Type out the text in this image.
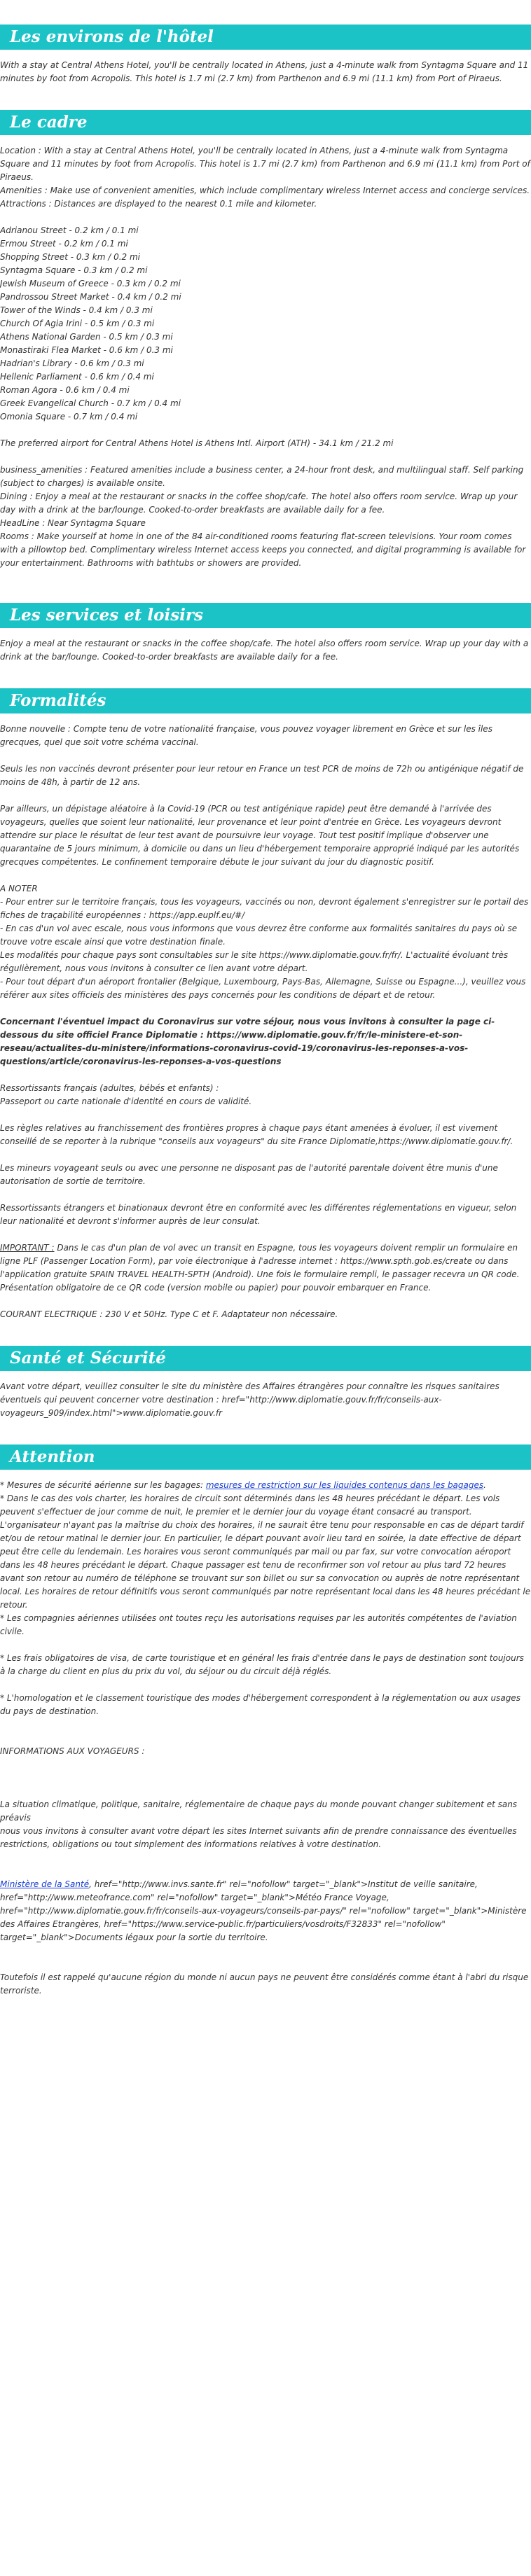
Les environs de l'hôtel

With a stay at Central Athens Hotel, you'll be centrally located in Athens, just a 4-minute walk from Syntagma Square and 11 minutes by foot from Acropolis. This hotel is 1.7 mi (2.7 km) from Parthenon and 6.9 mi (11.1 km) from Port of Piraeus.

Le cadre

Location : With a stay at Central Athens Hotel, you'll be centrally located in Athens, just a 4-minute walk from Syntagma Square and 11 minutes by foot from Acropolis. This hotel is 1.7 mi (2.7 km) from Parthenon and 6.9 mi (11.1 km) from Port of Piraeus.

Amenities : Make use of convenient amenities, which include complimentary wireless Internet access and concierge services.

Attractions : Distances are displayed to the nearest 0.1 mile and kilometer.

Adrianou Street - 0.2 km / 0.1 mi

Ermou Street - 0.2 km / 0.1 mi

Shopping Street - 0.3 km / 0.2 mi

Syntagma Square - 0.3 km / 0.2 mi

Jewish Museum of Greece - 0.3 km / 0.2 mi

Pandrossou Street Market - 0.4 km / 0.2 mi

Tower of the Winds - 0.4 km / 0.3 mi

Church Of Agia Irini - 0.5 km / 0.3 mi

Athens National Garden - 0.5 km / 0.3 mi

Monastiraki Flea Market - 0.6 km / 0.3 mi

Hadrian's Library - 0.6 km / 0.3 mi

Hellenic Parliament - 0.6 km / 0.4 mi

Roman Agora - 0.6 km / 0.4 mi

Greek Evangelical Church - 0.7 km / 0.4 mi

Omonia Square - 0.7 km / 0.4 mi

The preferred airport for Central Athens Hotel is Athens Intl. Airport (ATH) - 34.1 km / 21.2 mi

business_amenities : Featured amenities include a business center, a 24-hour front desk, and multilingual staff. Self parking (subject to charges) is available onsite.

Dining : Enjoy a meal at the restaurant or snacks in the coffee shop/cafe. The hotel also offers room service. Wrap up your day with a drink at the bar/lounge. Cooked-to-order breakfasts are available daily for a fee.

HeadLine : Near Syntagma Square

Rooms : Make yourself at home in one of the 84 air-conditioned rooms featuring flat-screen televisions. Your room comes with a pillowtop bed. Complimentary wireless Internet access keeps you connected, and digital programming is available for your entertainment. Bathrooms with bathtubs or showers are provided.

Les services et loisirs

Enjoy a meal at the restaurant or snacks in the coffee shop/cafe. The hotel also offers room service. Wrap up your day with a drink at the bar/lounge. Cooked-to-order breakfasts are available daily for a fee.

Formalités

Bonne nouvelle : Compte tenu de votre nationalité française, vous pouvez voyager librement en Grèce et sur les îles grecques, quel que soit votre schéma vaccinal.

Seuls les non vaccinés devront présenter pour leur retour en France un test PCR de moins de 72h ou antigénique négatif de moins de 48h, à partir de 12 ans.

Par ailleurs, un dépistage aléatoire à la Covid-19 (PCR ou test antigénique rapide) peut être demandé à l'arrivée des voyageurs, quelles que soient leur nationalité, leur provenance et leur point d'entrée en Grèce. Les voyageurs devront attendre sur place le résultat de leur test avant de poursuivre leur voyage. Tout test positif implique d'observer une quarantaine de 5 jours minimum, à domicile ou dans un lieu d'hébergement temporaire approprié indiqué par les autorités grecques compétentes. Le confinement temporaire débute le jour suivant du jour du diagnostic positif.

A NOTER

- Pour entrer sur le territoire français, tous les voyageurs, vaccinés ou non, devront également s'enregistrer sur le portail des fiches de traçabilité européennes : https://app.euplf.eu/#/

- En cas d'un vol avec escale, nous vous informons que vous devrez être conforme aux formalités sanitaires du pays où se trouve votre escale ainsi que votre destination finale.

Les modalités pour chaque pays sont consultables sur le site https://www.diplomatie.gouv.fr/fr/. L'actualité évoluant très régulièrement, nous vous invitons à consulter ce lien avant votre départ.

- Pour tout départ d'un aéroport frontalier (Belgique, Luxembourg, Pays-Bas, Allemagne, Suisse ou Espagne...), veuillez vous référer aux sites officiels des ministères des pays concernés pour les conditions de départ et de retour.

Concernant l'éventuel impact du Coronavirus sur votre séjour, nous vous invitons à consulter la page ci-dessous du site officiel France Diplomatie : https://www.diplomatie.gouv.fr/fr/le-ministere-et-son-reseau/actualites-du-ministere/informations-coronavirus-covid-19/coronavirus-les-reponses-a-vos-questions/article/coronavirus-les-reponses-a-vos-questions

Ressortissants français (adultes, bébés et enfants) :

Passeport ou carte nationale d'identité en cours de validité.

Les règles relatives au franchissement des frontières propres à chaque pays étant amenées à évoluer, il est vivement conseillé de se reporter à la rubrique "conseils aux voyageurs" du site France Diplomatie,https://www.diplomatie.gouv.fr/.

Les mineurs voyageant seuls ou avec une personne ne disposant pas de l'autorité parentale doivent être munis d'une autorisation de sortie de territoire.

Ressortissants étrangers et binationaux devront être en conformité avec les différentes réglementations en vigueur, selon leur nationalité et devront s'informer auprès de leur consulat.

IMPORTANT : Dans le cas d'un plan de vol avec un transit en Espagne, tous les voyageurs doivent remplir un formulaire en ligne PLF (Passenger Location Form), par voie électronique à l'adresse internet : https://www.spth.gob.es/create ou dans l'application gratuite SPAIN TRAVEL HEALTH-SPTH (Android). Une fois le formulaire rempli, le passager recevra un QR code. Présentation obligatoire de ce QR code (version mobile ou papier) pour pouvoir embarquer en France.

COURANT ELECTRIQUE : 230 V et 50Hz. Type C et F. Adaptateur non nécessaire.

Santé et Sécurité

Avant votre départ, veuillez consulter le site du ministère des Affaires étrangères pour connaître les risques sanitaires éventuels qui peuvent concerner votre destination : href="http://www.diplomatie.gouv.fr/fr/conseils-aux-voyageurs_909/index.html">www.diplomatie.gouv.fr

Attention

* Mesures de sécurité aérienne sur les bagages: mesures de restriction sur les liquides contenus dans les bagages.

* Dans le cas des vols charter, les horaires de circuit sont déterminés dans les 48 heures précédant le départ. Les vols peuvent s'effectuer de jour comme de nuit, le premier et le dernier jour du voyage étant consacré au transport. L'organisateur n'ayant pas la maîtrise du choix des horaires, il ne saurait être tenu pour responsable en cas de départ tardif et/ou de retour matinal le dernier jour. En particulier, le départ pouvant avoir lieu tard en soirée, la date effective de départ peut être celle du lendemain. Les horaires vous seront communiqués par mail ou par fax, sur votre convocation aéroport dans les 48 heures précédant le départ. Chaque passager est tenu de reconfirmer son vol retour au plus tard 72 heures avant son retour au numéro de téléphone se trouvant sur son billet ou sur sa convocation ou auprès de notre représentant local. Les horaires de retour définitifs vous seront communiqués par notre représentant local dans les 48 heures précédant le retour.

* Les compagnies aériennes utilisées ont toutes reçu les autorisations requises par les autorités compétentes de l'aviation civile.

* Les frais obligatoires de visa, de carte touristique et en général les frais d'entrée dans le pays de destination sont toujours à la charge du client en plus du prix du vol, du séjour ou du circuit déjà réglés.

* L'homologation et le classement touristique des modes d'hébergement correspondent à la réglementation ou aux usages du pays de destination.

INFORMATIONS AUX VOYAGEURS :

La situation climatique, politique, sanitaire, réglementaire de chaque pays du monde pouvant changer subitement et sans préavis

nous vous invitons à consulter avant votre départ les sites Internet suivants afin de prendre connaissance des éventuelles restrictions, obligations ou tout simplement des informations relatives à votre destination.

Ministère de la Santé, href="http://www.invs.sante.fr" rel="nofollow" target="_blank">Institut de veille sanitaire, href="http://www.meteofrance.com" rel="nofollow" target="_blank">Météo France Voyage, href="http://www.diplomatie.gouv.fr/fr/conseils-aux-voyageurs/conseils-par-pays/" rel="nofollow" target="_blank">Ministère des Affaires Etrangères, href="https://www.service-public.fr/particuliers/vosdroits/F32833" rel="nofollow" target="_blank">Documents légaux pour la sortie du territoire.

Toutefois il est rappelé qu'aucune région du monde ni aucun pays ne peuvent être considérés comme étant à l'abri du risque terroriste.
